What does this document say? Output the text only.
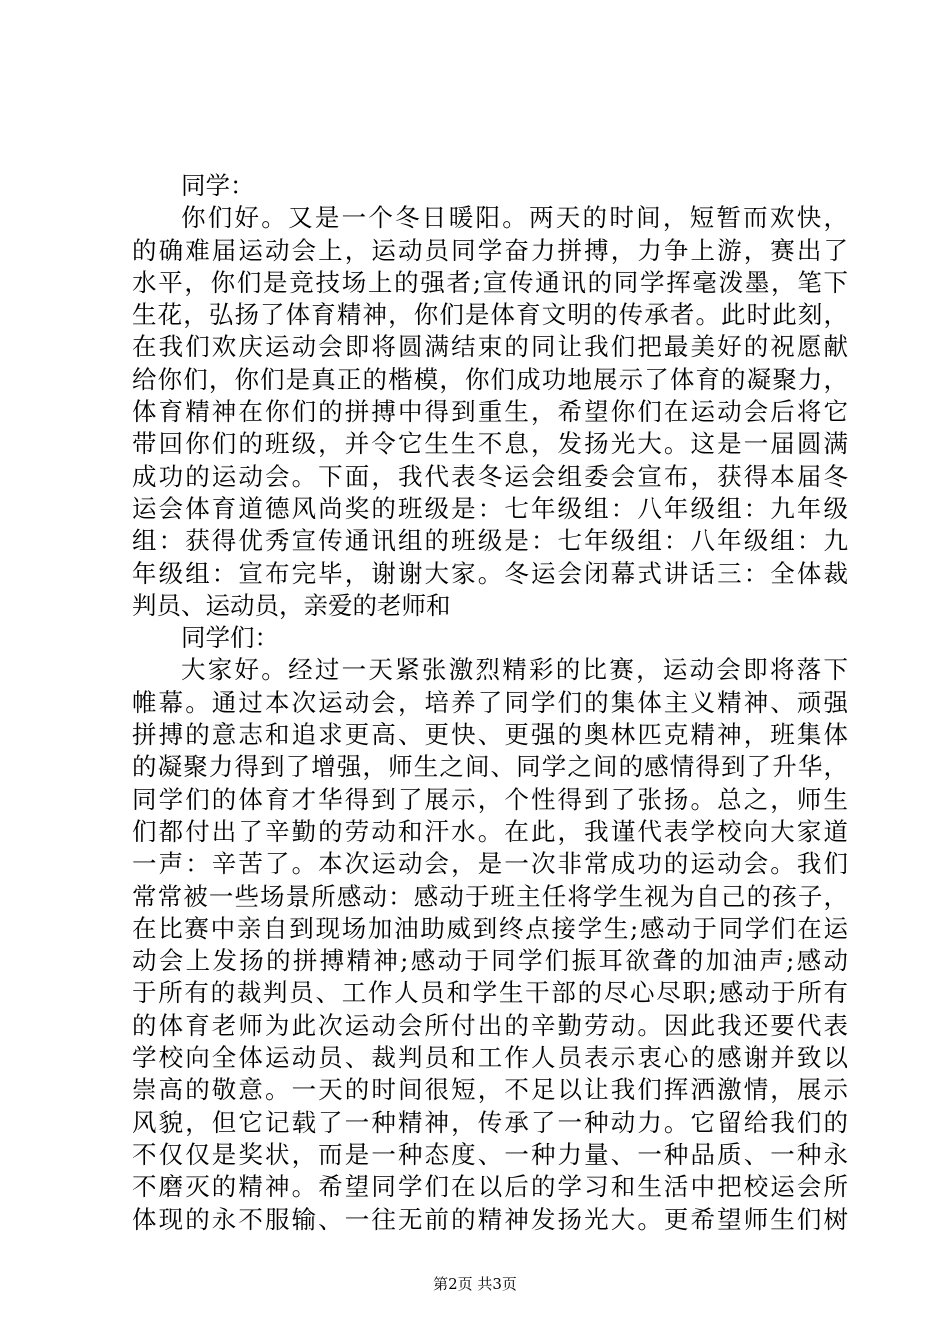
同学：
你们好。又是一个冬日暖阳。两天的时间，短暂而欢快，
的确难届运动会上，运动员同学奋力拼搏，力争上游，赛出了
水平，你们是竞技场上的强者;宣传通讯的同学挥毫泼墨，笔下
生花，弘扬了体育精神，你们是体育文明的传承者。此时此刻，
在我们欢庆运动会即将圆满结束的同让我们把最美好的祝愿献
给你们，你们是真正的楷模，你们成功地展示了体育的凝聚力，
体育精神在你们的拼搏中得到重生，希望你们在运动会后将它
带回你们的班级，并令它生生不息，发扬光大。这是一届圆满
成功的运动会。下面，我代表冬运会组委会宣布，获得本届冬
运会体育道德风尚奖的班级是：七年级组：八年级组：九年级
组：获得优秀宣传通讯组的班级是：七年级组：八年级组：九
年级组：宣布完毕，谢谢大家。冬运会闭幕式讲话三：全体裁
判员、运动员，亲爱的老师和
同学们：
大家好。经过一天紧张激烈精彩的比赛，运动会即将落下
帷幕。通过本次运动会，培养了同学们的集体主义精神、顽强
拼搏的意志和追求更高、更快、更强的奥林匹克精神，班集体
的凝聚力得到了增强，师生之间、同学之间的感情得到了升华，
同学们的体育才华得到了展示，个性得到了张扬。总之，师生
们都付出了辛勤的劳动和汗水。在此，我谨代表学校向大家道
一声：辛苦了。本次运动会，是一次非常成功的运动会。我们
常常被一些场景所感动：感动于班主任将学生视为自己的孩子，
在比赛中亲自到现场加油助威到终点接学生;感动于同学们在运
动会上发扬的拼搏精神;感动于同学们振耳欲聋的加油声;感动
于所有的裁判员、工作人员和学生干部的尽心尽职;感动于所有
的体育老师为此次运动会所付出的辛勤劳动。因此我还要代表
学校向全体运动员、裁判员和工作人员表示衷心的感谢并致以
崇高的敬意。一天的时间很短，不足以让我们挥洒激情，展示
风貌，但它记载了一种精神，传承了一种动力。它留给我们的
不仅仅是奖状，而是一种态度、一种力量、一种品质、一种永
不磨灭的精神。希望同学们在以后的学习和生活中把校运会所
体现的永不服输、一往无前的精神发扬光大。更希望师生们树
第2页 共3页
